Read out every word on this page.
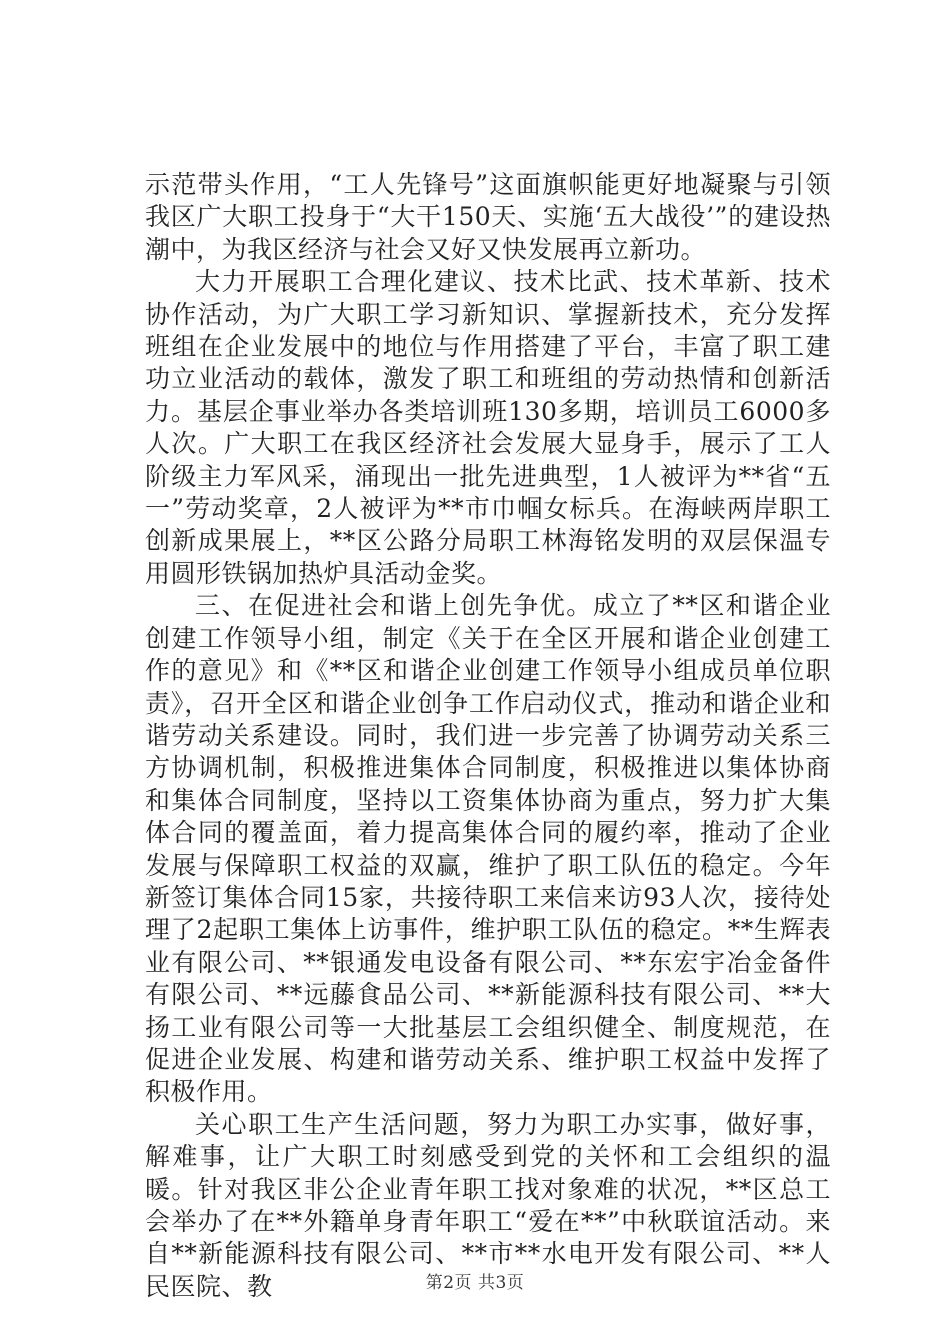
示范带头作用，“工人先锋号”这面旗帜能更好地凝聚与引领我区广大职工投身于“大干150天、实施‘五大战役’”的建设热潮中，为我区经济与社会又好又快发展再立新功。

大力开展职工合理化建议、技术比武、技术革新、技术协作活动，为广大职工学习新知识、掌握新技术，充分发挥班组在企业发展中的地位与作用搭建了平台，丰富了职工建功立业活动的载体，激发了职工和班组的劳动热情和创新活力。基层企事业举办各类培训班130多期，培训员工6000多人次。广大职工在我区经济社会发展大显身手，展示了工人阶级主力军风采，涌现出一批先进典型，1人被评为**省“五一”劳动奖章，2人被评为**市巾帼女标兵。在海峡两岸职工创新成果展上，**区公路分局职工林海铭发明的双层保温专用圆形铁锅加热炉具活动金奖。

三、在促进社会和谐上创先争优。成立了**区和谐企业创建工作领导小组，制定《关于在全区开展和谐企业创建工作的意见》和《**区和谐企业创建工作领导小组成员单位职责》，召开全区和谐企业创争工作启动仪式，推动和谐企业和谐劳动关系建设。同时，我们进一步完善了协调劳动关系三方协调机制，积极推进集体合同制度，积极推进以集体协商和集体合同制度，坚持以工资集体协商为重点，努力扩大集体合同的覆盖面，着力提高集体合同的履约率，推动了企业发展与保障职工权益的双赢，维护了职工队伍的稳定。今年新签订集体合同15家，共接待职工来信来访93人次，接待处理了2起职工集体上访事件，维护职工队伍的稳定。**生辉表业有限公司、**银通发电设备有限公司、**东宏宇冶金备件有限公司、**远藤食品公司、**新能源科技有限公司、**大扬工业有限公司等一大批基层工会组织健全、制度规范，在促进企业发展、构建和谐劳动关系、维护职工权益中发挥了积极作用。

关心职工生产生活问题，努力为职工办实事，做好事，解难事，让广大职工时刻感受到党的关怀和工会组织的温暖。针对我区非公企业青年职工找对象难的状况，**区总工会举办了在**外籍单身青年职工“爱在**”中秋联谊活动。来自**新能源科技有限公司、**市**水电开发有限公司、**人民医院、教	第2页 共3页
